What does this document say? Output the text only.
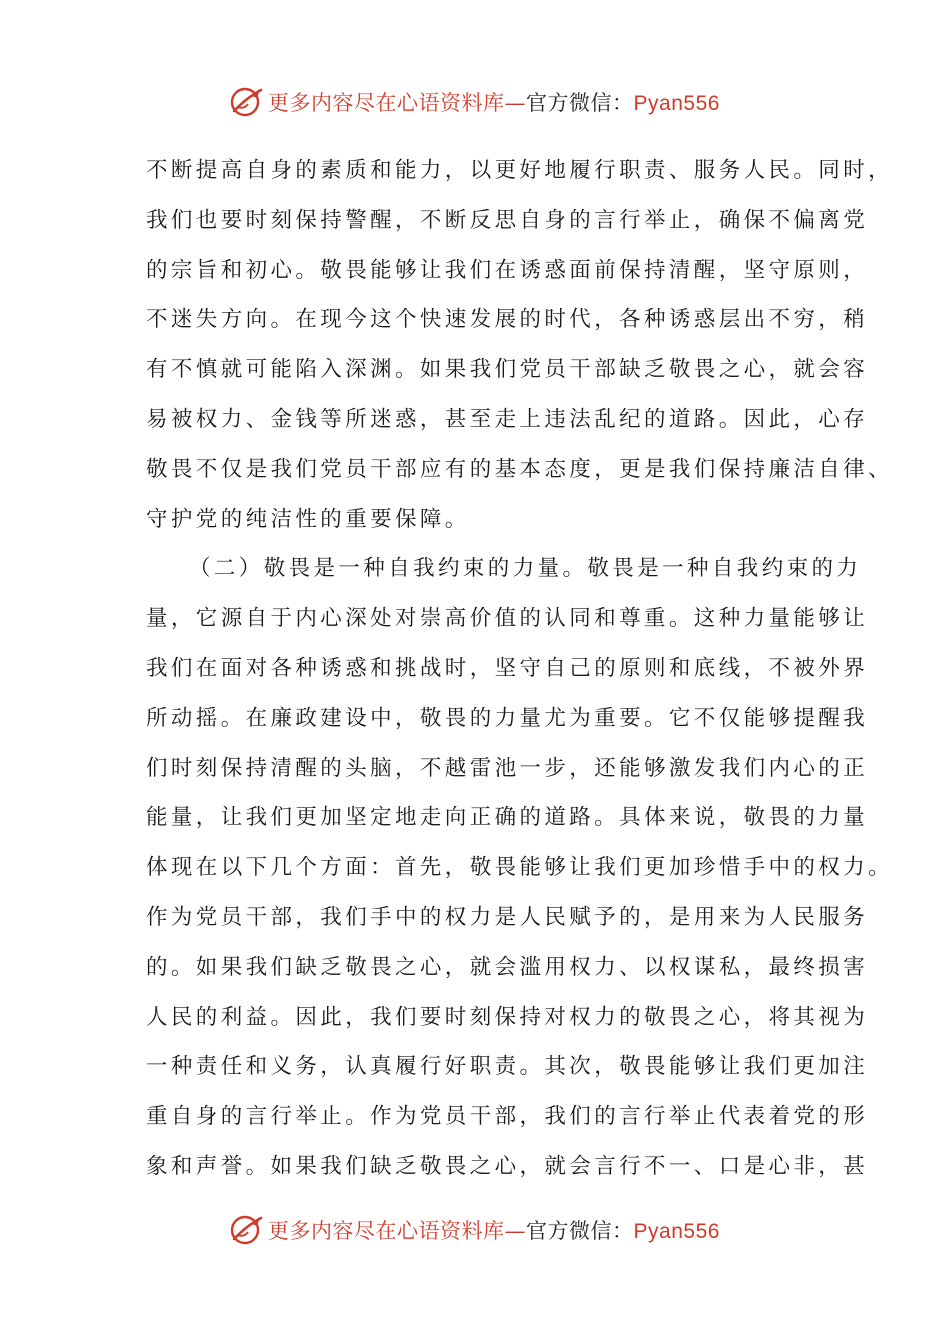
更多内容尽在心语资料库—官方微信：Pyan556
不断提高自身的素质和能力，以更好地履行职责、服务人民。同时，
我们也要时刻保持警醒，不断反思自身的言行举止，确保不偏离党
的宗旨和初心。敬畏能够让我们在诱惑面前保持清醒，坚守原则，
不迷失方向。在现今这个快速发展的时代，各种诱惑层出不穷，稍
有不慎就可能陷入深渊。如果我们党员干部缺乏敬畏之心，就会容
易被权力、金钱等所迷惑，甚至走上违法乱纪的道路。因此，心存
敬畏不仅是我们党员干部应有的基本态度，更是我们保持廉洁自律、
守护党的纯洁性的重要保障。
（二）敬畏是一种自我约束的力量。敬畏是一种自我约束的力
量，它源自于内心深处对崇高价值的认同和尊重。这种力量能够让
我们在面对各种诱惑和挑战时，坚守自己的原则和底线，不被外界
所动摇。在廉政建设中，敬畏的力量尤为重要。它不仅能够提醒我
们时刻保持清醒的头脑，不越雷池一步，还能够激发我们内心的正
能量，让我们更加坚定地走向正确的道路。具体来说，敬畏的力量
体现在以下几个方面：首先，敬畏能够让我们更加珍惜手中的权力。
作为党员干部，我们手中的权力是人民赋予的，是用来为人民服务
的。如果我们缺乏敬畏之心，就会滥用权力、以权谋私，最终损害
人民的利益。因此，我们要时刻保持对权力的敬畏之心，将其视为
一种责任和义务，认真履行好职责。其次，敬畏能够让我们更加注
重自身的言行举止。作为党员干部，我们的言行举止代表着党的形
象和声誉。如果我们缺乏敬畏之心，就会言行不一、口是心非，甚
更多内容尽在心语资料库—官方微信：Pyan556
